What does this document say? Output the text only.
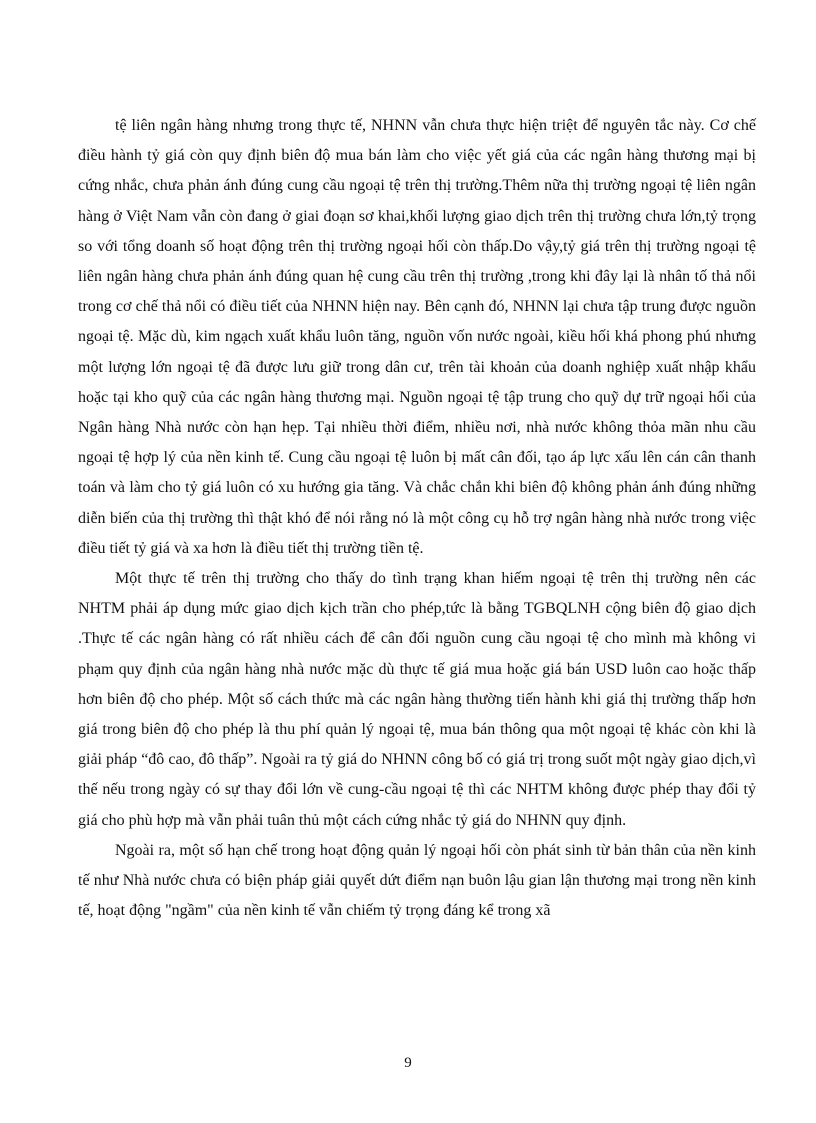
tệ liên ngân hàng nhưng trong thực tế, NHNN vẫn chưa thực hiện triệt để nguyên tắc này. Cơ chế điều hành tỷ giá còn quy định biên độ mua bán làm cho việc yết giá của các ngân hàng thương mại bị cứng nhắc, chưa phản ánh đúng cung cầu ngoại tệ trên thị trường.Thêm nữa thị trường ngoại tệ liên ngân hàng ở Việt Nam vẫn còn đang ở giai đoạn sơ khai,khối lượng giao dịch trên thị trường chưa lớn,tỷ trọng so với tổng doanh số hoạt động trên thị trường ngoại hối còn thấp.Do vậy,tỷ giá trên thị trường ngoại tệ liên ngân hàng chưa phản ánh đúng quan hệ cung cầu trên thị trường ,trong khi đây lại là nhân tố thả nổi trong cơ chế thả nổi có điều tiết của NHNN hiện nay. Bên cạnh đó, NHNN lại chưa tập trung được nguồn ngoại tệ. Mặc dù, kim ngạch xuất khẩu luôn tăng, nguồn vốn nước ngoài, kiều hối khá phong phú nhưng một lượng lớn ngoại tệ đã được lưu giữ trong dân cư, trên tài khoản của doanh nghiệp xuất nhập khẩu hoặc tại kho quỹ của các ngân hàng thương mại. Nguồn ngoại tệ tập trung cho quỹ dự trữ ngoại hối của Ngân hàng Nhà nước còn hạn hẹp. Tại nhiều thời điểm, nhiều nơi, nhà nước không thỏa mãn nhu cầu ngoại tệ hợp lý của nền kinh tế. Cung cầu ngoại tệ luôn bị mất cân đối, tạo áp lực xấu lên cán cân thanh toán và làm cho tỷ giá luôn có xu hướng gia tăng. Và chắc chắn khi biên độ không phản ánh đúng những diễn biến của thị trường thì thật khó để nói rằng nó là một công cụ hỗ trợ ngân hàng nhà nước trong việc điều tiết tỷ giá và xa hơn là điều tiết thị trường tiền tệ.

Một thực tế trên thị trường cho thấy do tình trạng khan hiếm ngoại tệ trên thị trường nên các NHTM phải áp dụng mức giao dịch kịch trần cho phép,tức là bằng TGBQLNH cộng biên độ giao dịch .Thực tế các ngân hàng có rất nhiều cách để cân đối nguồn cung cầu ngoại tệ cho mình mà không vi phạm quy định của ngân hàng nhà nước mặc dù thực tế giá mua hoặc giá bán USD luôn cao hoặc thấp hơn biên độ cho phép. Một số cách thức mà các ngân hàng thường tiến hành khi giá thị trường thấp hơn giá trong biên độ cho phép là thu phí quản lý ngoại tệ, mua bán thông qua một ngoại tệ khác còn khi là giải pháp “đô cao, đô thấp”. Ngoài ra tỷ giá do NHNN công bố có giá trị trong suốt một ngày giao dịch,vì thế nếu trong ngày có sự thay đổi lớn về cung-cầu ngoại tệ thì các NHTM không được phép thay đổi tỷ giá cho phù hợp mà vẫn phải tuân thủ một cách cứng nhắc tỷ giá do NHNN quy định.

Ngoài ra, một số hạn chế trong hoạt động quản lý ngoại hối còn phát sinh từ bản thân của nền kinh tế như Nhà nước chưa có biện pháp giải quyết dứt điểm nạn buôn lậu gian lận thương mại trong nền kinh tế, hoạt động "ngầm" của nền kinh tế vẫn chiếm tỷ trọng đáng kể trong xã

9
